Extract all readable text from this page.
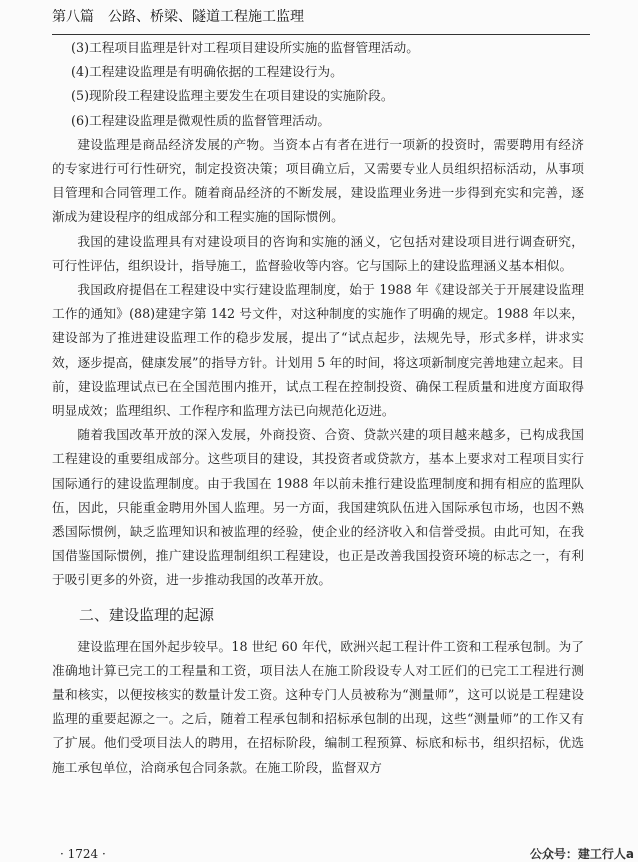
第八篇　公路、桥梁、隧道工程施工监理

(3)工程项目监理是针对工程项目建设所实施的监督管理活动。

(4)工程建设监理是有明确依据的工程建设行为。

(5)现阶段工程建设监理主要发生在项目建设的实施阶段。

(6)工程建设监理是微观性质的监督管理活动。

建设监理是商品经济发展的产物。当资本占有者在进行一项新的投资时，需要聘用有经济的专家进行可行性研究，制定投资决策；项目确立后，又需要专业人员组织招标活动，从事项目管理和合同管理工作。随着商品经济的不断发展，建设监理业务进一步得到充实和完善，逐渐成为建设程序的组成部分和工程实施的国际惯例。

我国的建设监理具有对建设项目的咨询和实施的涵义，它包括对建设项目进行调查研究，可行性评估，组织设计，指导施工，监督验收等内容。它与国际上的建设监理涵义基本相似。

我国政府提倡在工程建设中实行建设监理制度，始于 1988 年《建设部关于开展建设监理工作的通知》(88)建建字第 142 号文件，对这种制度的实施作了明确的规定。1988 年以来，建设部为了推进建设监理工作的稳步发展，提出了“试点起步，法规先导，形式多样，讲求实效，逐步提高，健康发展”的指导方针。计划用 5 年的时间，将这项新制度完善地建立起来。目前，建设监理试点已在全国范围内推开，试点工程在控制投资、确保工程质量和进度方面取得明显成效；监理组织、工作程序和监理方法已向规范化迈进。

随着我国改革开放的深入发展，外商投资、合资、贷款兴建的项目越来越多，已构成我国工程建设的重要组成部分。这些项目的建设，其投资者或贷款方，基本上要求对工程项目实行国际通行的建设监理制度。由于我国在 1988 年以前未推行建设监理制度和拥有相应的监理队伍，因此，只能重金聘用外国人监理。另一方面，我国建筑队伍进入国际承包市场，也因不熟悉国际惯例，缺乏监理知识和被监理的经验，使企业的经济收入和信誉受损。由此可知，在我国借鉴国际惯例，推广建设监理制组织工程建设，也正是改善我国投资环境的标志之一，有利于吸引更多的外资，进一步推动我国的改革开放。

二、建设监理的起源

建设监理在国外起步较早。18 世纪 60 年代，欧洲兴起工程计件工资和工程承包制。为了准确地计算已完工的工程量和工资，项目法人在施工阶段设专人对工匠们的已完工工程进行测量和核实，以便按核实的数量计发工资。这种专门人员被称为“测量师”，这可以说是工程建设监理的重要起源之一。之后，随着工程承包制和招标承包制的出现，这些“测量师”的工作又有了扩展。他们受项目法人的聘用，在招标阶段，编制工程预算、标底和标书，组织招标，优选施工承包单位，洽商承包合同条款。在施工阶段，监督双方

· 1724 ·	公众号：建工行人a
